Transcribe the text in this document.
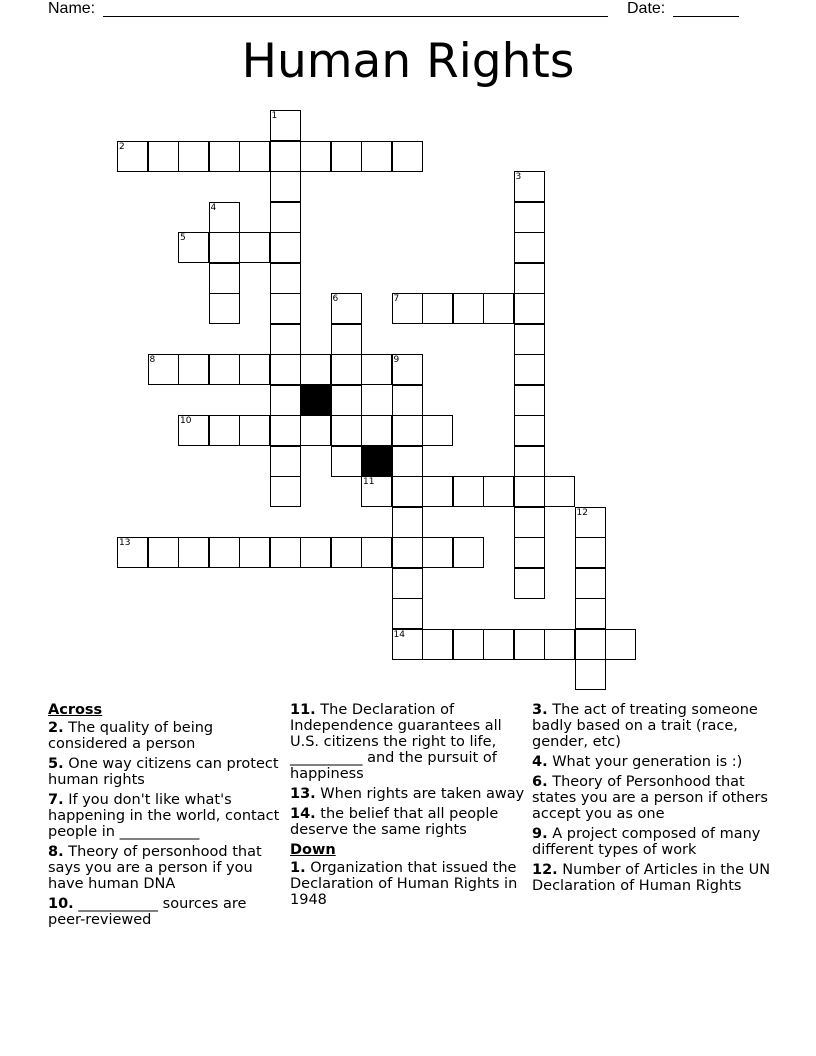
Name:	Date:
Human Rights
1
2
3
4
5
6	7
8	9
10
11
12
13
14
Across
2. The quality of being considered a person
5. One way citizens can protect human rights
7. If you don't like what's happening in the world, contact people in ___________
8. Theory of personhood that says you are a person if you have human DNA
10. ___________ sources are peer-reviewed
11. The Declaration of Independence guarantees all U.S. citizens the right to life, __________ and the pursuit of happiness
13. When rights are taken away
14. the belief that all people deserve the same rights
Down
1. Organization that issued the Declaration of Human Rights in 1948
3. The act of treating someone badly based on a trait (race, gender, etc)
4. What your generation is :)
6. Theory of Personhood that states you are a person if others accept you as one
9. A project composed of many different types of work
12. Number of Articles in the UN Declaration of Human Rights
